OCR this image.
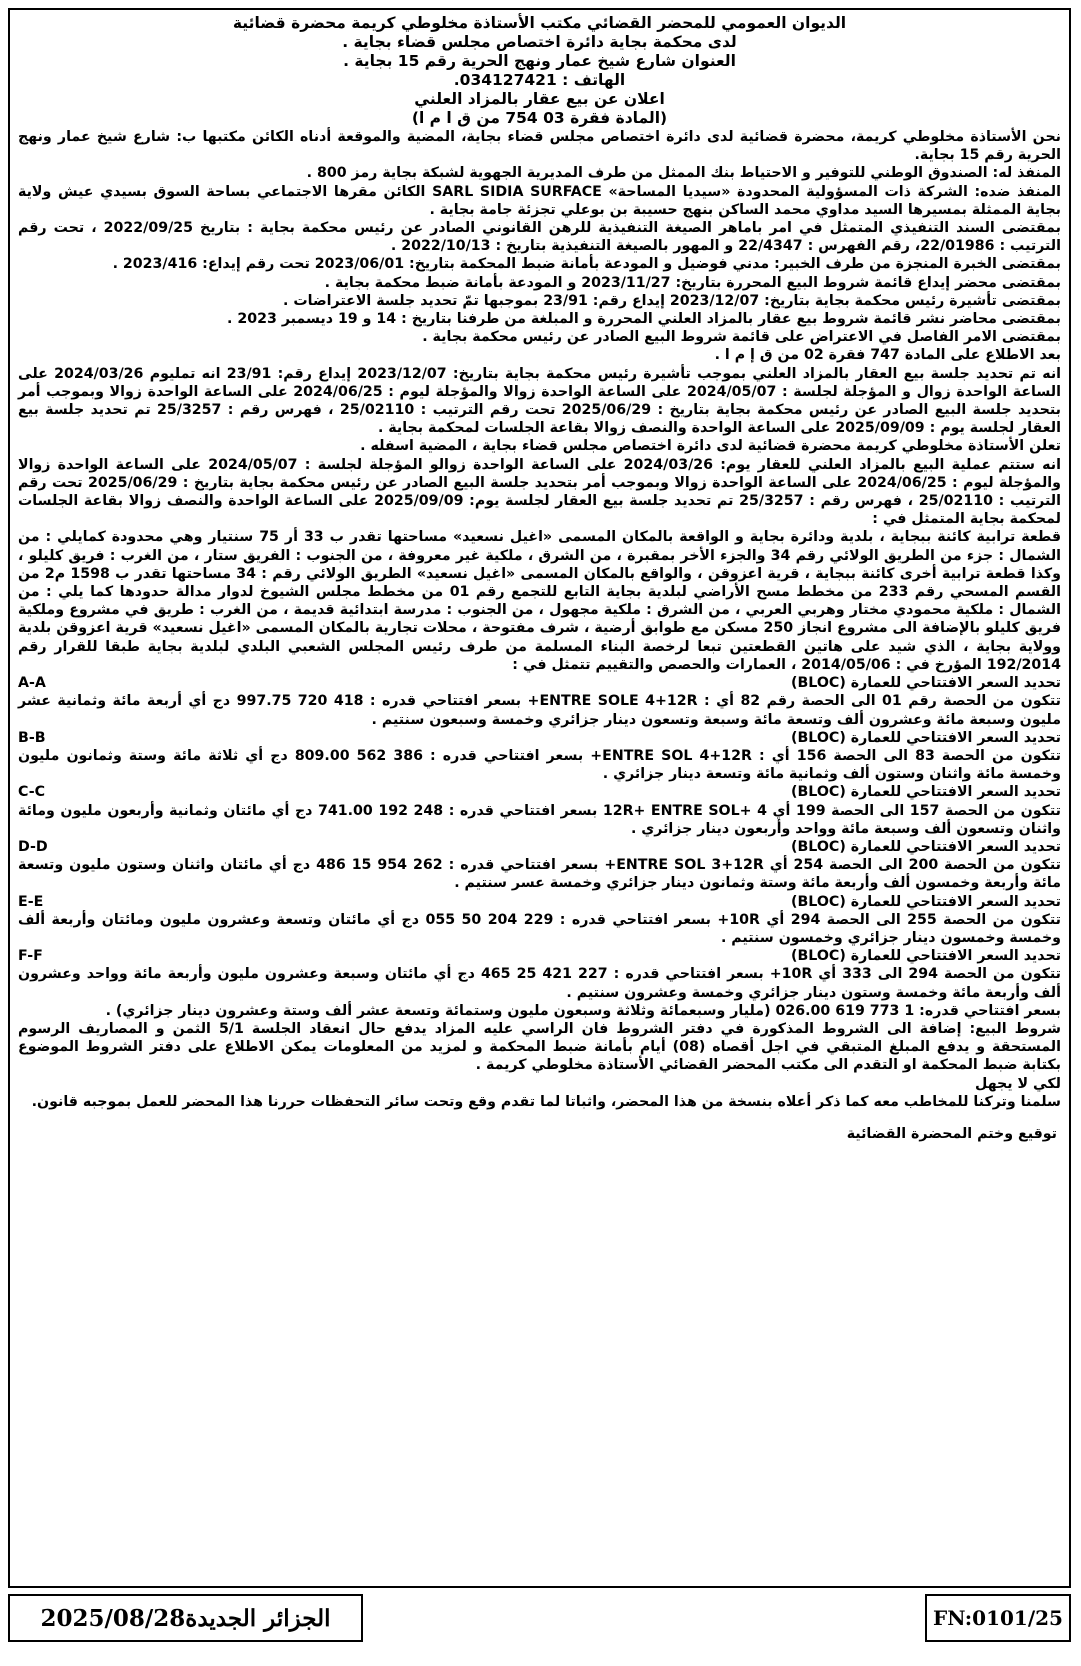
الديوان العمومي للمحضر القضائي مكتب الأستاذة مخلوطي كريمة محضرة قضائية

لدى محكمة بجاية دائرة اختصاص مجلس قضاء بجاية .

العنوان شارع شيخ عمار ونهج الحرية رقم 15 بجاية .

الهاتف : 034127421.

اعلان عن بيع عقار بالمزاد العلني

(المادة فقرة 03 754 من ق ا م ا)

نحن الأستاذة مخلوطي كريمة، محضرة قضائية لدى دائرة اختصاص مجلس قضاء بجاية، المضية والموقعة أدناه الكائن مكتبها ب: شارع شيخ عمار ونهج الحرية رقم 15 بجاية.

المنفذ له: الصندوق الوطني للتوفير و الاحتياط بنك الممثل من طرف المديرية الجهوية لشبكة بجاية رمز 800 .

المنفذ ضده: الشركة ذات المسؤولية المحدودة «سيديا المساحة» SARL SIDIA SURFACE الكائن مقرها الاجتماعي بساحة السوق بسيدي عيش ولاية بجاية الممثلة بمسيرها السيد مداوي محمد الساكن بنهج حسيبة بن بوعلي تجزئة جامة بجاية .

بمقتضى السند التنفيذي المتمثل في امر باماهر الصيغة التنفيذية للرهن القانوني الصادر عن رئيس محكمة بجاية : بتاريخ 2022/09/25 ، تحت رقم الترتيب : 22/01986، رقم الفهرس : 22/4347 و المهور بالصيغة التنفيذية بتاريخ : 2022/10/13 .

بمقتضى الخبرة المنجزة من طرف الخبير: مدني فوضيل و المودعة بأمانة ضبط المحكمة بتاريخ: 2023/06/01 تحت رقم إيداع: 2023/416 .

بمقتضى محضر إيداع قائمة شروط البيع المحررة بتاريخ: 2023/11/27 و المودعة بأمانة ضبط محكمة بجاية .

بمقتضى تأشيرة رئيس محكمة بجاية بتاريخ: 2023/12/07 إيداع رقم: 23/91 بموجبها تمّ تحديد جلسة الاعتراضات .

بمقتضى محاضر نشر قائمة شروط بيع عقار بالمزاد العلني المحررة و المبلغة من طرفنا بتاريخ : 14 و 19 ديسمبر 2023 .

بمقتضى الامر الفاصل في الاعتراض على قائمة شروط البيع الصادر عن رئيس محكمة بجاية .

بعد الاطلاع على المادة 747 فقرة 02 من ق إ م ا .

انه تم تحديد جلسة بيع العقار بالمزاد العلني بموجب تأشيرة رئيس محكمة بجاية بتاريخ: 2023/12/07 إيداع رقم: 23/91 انه تمليوم 2024/03/26 على الساعة الواحدة زوال و المؤجلة لجلسة : 2024/05/07 على الساعة الواحدة زوالا والمؤجلة ليوم : 2024/06/25 على الساعة الواحدة زوالا وبموجب أمر بتحديد جلسة البيع الصادر عن رئيس محكمة بجاية بتاريخ : 2025/06/29 تحت رقم الترتيب : 25/02110 ، فهرس رقم : 25/3257 تم تحديد جلسة بيع العقار لجلسة يوم : 2025/09/09 على الساعة الواحدة والنصف زوالا بقاعة الجلسات لمحكمة بجاية .

تعلن الأستاذة مخلوطي كريمة محضرة قضائية لدى دائرة اختصاص مجلس قضاء بجاية ، المضية اسفله .

انه ستتم عملية البيع بالمزاد العلني للعقار يوم: 2024/03/26 على الساعة الواحدة زوالو المؤجلة لجلسة : 2024/05/07 على الساعة الواحدة زوالا والمؤجلة ليوم : 2024/06/25 على الساعة الواحدة زوالا وبموجب أمر بتحديد جلسة البيع الصادر عن رئيس محكمة بجاية بتاريخ : 2025/06/29 تحت رقم الترتيب : 25/02110 ، فهرس رقم : 25/3257 تم تحديد جلسة بيع العقار لجلسة يوم: 2025/09/09 على الساعة الواحدة والنصف زوالا بقاعة الجلسات لمحكمة بجاية المتمثل في :

قطعة ترابية كائنة ببجاية ، بلدية ودائرة بجاية و الواقعة بالمكان المسمى «اغيل نسعيد» مساحتها تقدر ب 33 أر 75 سنتيار وهي محدودة كمايلي : من الشمال : جزء من الطريق الولائي رقم 34 والجزء الأخر بمقبرة ، من الشرق ، ملكية غير معروفة ، من الجنوب : الفريق ستار ، من الغرب : فريق كليلو ، وكذا قطعة ترابية أخرى كائنة ببجاية ، قرية اعزوقن ، والواقع بالمكان المسمى «اغيل نسعيد» الطريق الولائي رقم : 34 مساحتها تقدر ب 1598 م2 من القسم المسحي رقم 233 من مخطط مسح الأراضي لبلدية بجاية التابع للتجمع رقم 01 من مخطط مجلس الشيوخ لدوار مدالة حدودها كما يلي : من الشمال : ملكية محمودي مختار وهربي العربي ، من الشرق : ملكية مجهول ، من الجنوب : مدرسة ابتدائية قديمة ، من الغرب : طريق في مشروع وملكية فريق كليلو بالإضافة الى مشروع انجاز 250 مسكن مع طوابق أرضية ، شرف مفتوحة ، محلات تجارية بالمكان المسمى «اغيل نسعيد» قرية اعزوقن بلدية وولاية بجاية ، الذي شيد على هاتين القطعتين تبعا لرخصة البناء المسلمة من طرف رئيس المجلس الشعبي البلدي لبلدية بجاية طبقا للقرار رقم 192/2014 المؤرخ في : 2014/05/06 ، العمارات والحصص والتقييم تتمثل في :

تحديد السعر الافتتاحي للعمارة (BLOC)
A-A

تتكون من الحصة رقم 01 الى الحصة رقم 82 أي : ENTRE SOLE 4+12R+ بسعر افتتاحي قدره : 418 720 997.75 دج أي أربعة مائة وثمانية عشر مليون وسبعة مائة وعشرون ألف وتسعة مائة وسبعة وتسعون دينار جزائري وخمسة وسبعون سنتيم .

تحديد السعر الافتتاحي للعمارة (BLOC)
B-B

تتكون من الحصة 83 الى الحصة 156 أي : ENTRE SOL 4+12R+ بسعر افتتاحي قدره : 386 562 809.00 دج أي ثلاثة مائة وستة وثمانون مليون وخمسة مائة واثنان وستون ألف وثمانية مائة وتسعة دينار جزائري .

تحديد السعر الافتتاحي للعمارة (BLOC)
C-C

تتكون من الحصة 157 الى الحصة 199 أي 4 +12R+ ENTRE SOL بسعر افتتاحي قدره : 248 192 741.00 دج أي مائتان وثمانية وأربعون مليون ومائة واثنان وتسعون ألف وسبعة مائة وواحد وأربعون دينار جزائري .

تحديد السعر الافتتاحي للعمارة (BLOC)
D-D

تتكون من الحصة 200 الى الحصة 254 أي ENTRE SOL 3+12R+ بسعر افتتاحي قدره : 262 954 15 486 دج أي مائتان واثنان وستون مليون وتسعة مائة وأربعة وخمسون ألف وأربعة مائة وستة وثمانون دينار جزائري وخمسة عسر سنتيم .

تحديد السعر الافتتاحي للعمارة (BLOC)
E-E

تتكون من الحصة 255 الى الحصة 294 أي 10R+ بسعر افتتاحي قدره : 229 204 50 055 دج أي مائتان وتسعة وعشرون مليون ومائتان وأربعة ألف وخمسة وخمسون دينار جزائري وخمسون سنتيم .

تحديد السعر الافتتاحي للعمارة (BLOC)
F-F

تتكون من الحصة 294 الى 333 أي 10R+ بسعر افتتاحي قدره : 227 421 25 465 دج أي مائتان وسبعة وعشرون مليون وأربعة مائة وواحد وعشرون ألف وأربعة مائة وخمسة وستون دينار جزائري وخمسة وعشرون سنتيم .

بسعر افتتاحي قدره: 1 773 619 026.00 (مليار وسبعمائة وثلاثة وسبعون مليون وستمائة وتسعة عشر ألف وستة وعشرون دينار جزائري) .

شروط البيع: إضافة الى الشروط المذكورة في دفتر الشروط فان الراسي عليه المزاد يدفع حال انعقاد الجلسة 5/1 الثمن و المصاريف الرسوم المستحقة و يدفع المبلغ المتبقي في اجل أقصاه (08) أيام بأمانة ضبط المحكمة و لمزيد من المعلومات يمكن الاطلاع على دفتر الشروط الموضوع بكتابة ضبط المحكمة او التقدم الى مكتب المحضر القضائي الأستاذة مخلوطي كريمة .

لكي لا يجهل

سلمنا وتركنا للمخاطب معه كما ذكر أعلاه بنسخة من هذا المحضر، واثباتا لما تقدم وقع وتحت سائر التحفظات حررنا هذا المحضر للعمل بموجبه قانون.

توقيع وختم المحضرة القضائية

الجزائر الجديدة
2025/08/28	FN:0101/25
